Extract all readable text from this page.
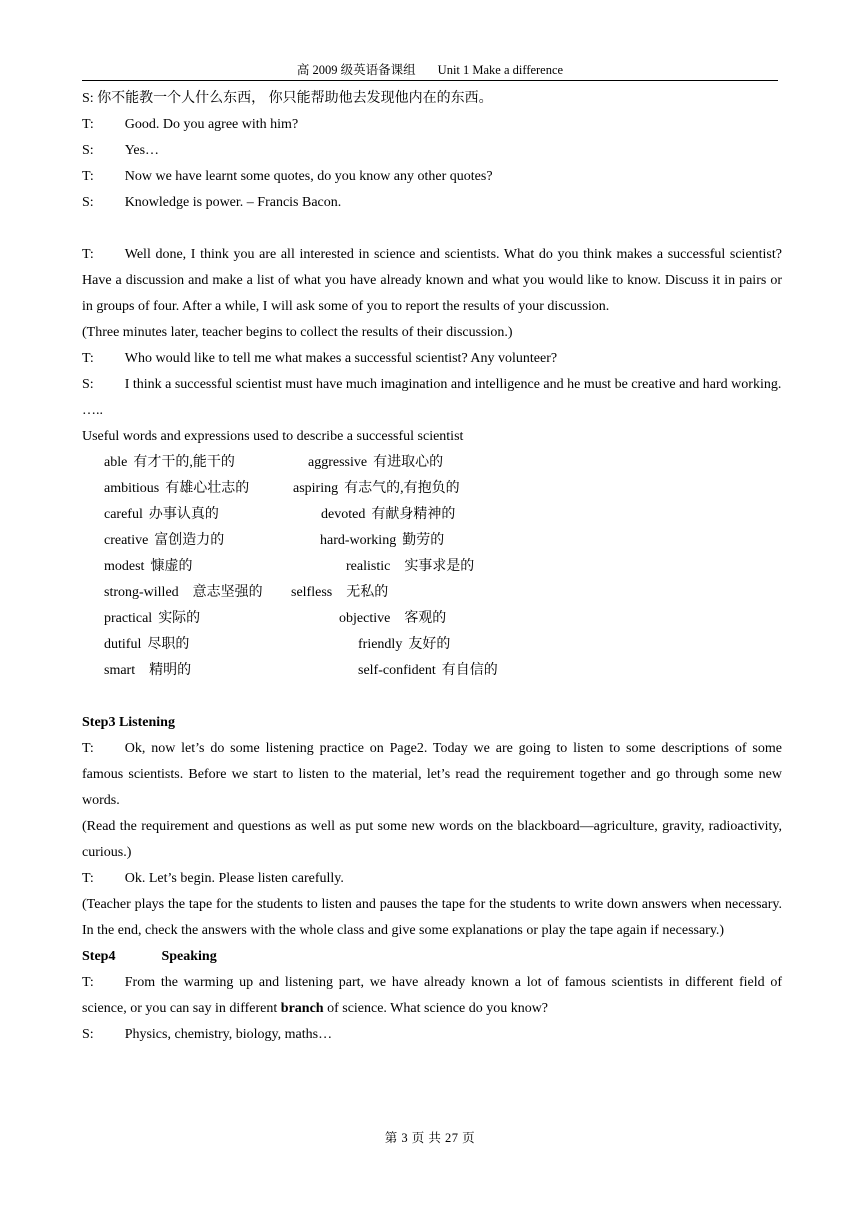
高 2009 级英语备课组 Unit 1 Make a difference

S: 你不能教一个人什么东西， 你只能帮助他去发现他内在的东西。

T: Good. Do you agree with him?

S: Yes…

T: Now we have learnt some quotes, do you know any other quotes?

S: Knowledge is power. – Francis Bacon.

T: Well done, I think you are all interested in science and scientists. What do you think makes a successful scientist? Have a discussion and make a list of what you have already known and what you would like to know. Discuss it in pairs or in groups of four. After a while, I will ask some of you to report the results of your discussion.

(Three minutes later, teacher begins to collect the results of their discussion.)

T: Who would like to tell me what makes a successful scientist? Any volunteer?

S: I think a successful scientist must have much imagination and intelligence and he must be creative and hard working.

…..

Useful words and expressions used to describe a successful scientist

able 有才干的,能干的	aggressive 有进取心的
ambitious 有雄心壮志的	aspiring 有志气的,有抱负的
careful 办事认真的	devoted 有献身精神的
creative 富创造力的	hard-working 勤劳的
modest 慷虚的	realistic 实事求是的
strong-willed 意志坚强的 selfless 无私的
practical 实际的	objective 客观的
dutiful 尽职的	friendly 友好的
smart 精明的	self-confident 有自信的

Step3 Listening

T: Ok, now let’s do some listening practice on Page2. Today we are going to listen to some descriptions of some famous scientists. Before we start to listen to the material, let’s read the requirement together and go through some new words.

(Read the requirement and questions as well as put some new words on the blackboard—agriculture, gravity, radioactivity, curious.)

T: Ok. Let’s begin. Please listen carefully.

(Teacher plays the tape for the students to listen and pauses the tape for the students to write down answers when necessary. In the end, check the answers with the whole class and give some explanations or play the tape again if necessary.)

Step4	Speaking

T: From the warming up and listening part, we have already known a lot of famous scientists in different field of science, or you can say in different branch of science. What science do you know?

S: Physics, chemistry, biology, maths…

第 3 页 共 27 页
